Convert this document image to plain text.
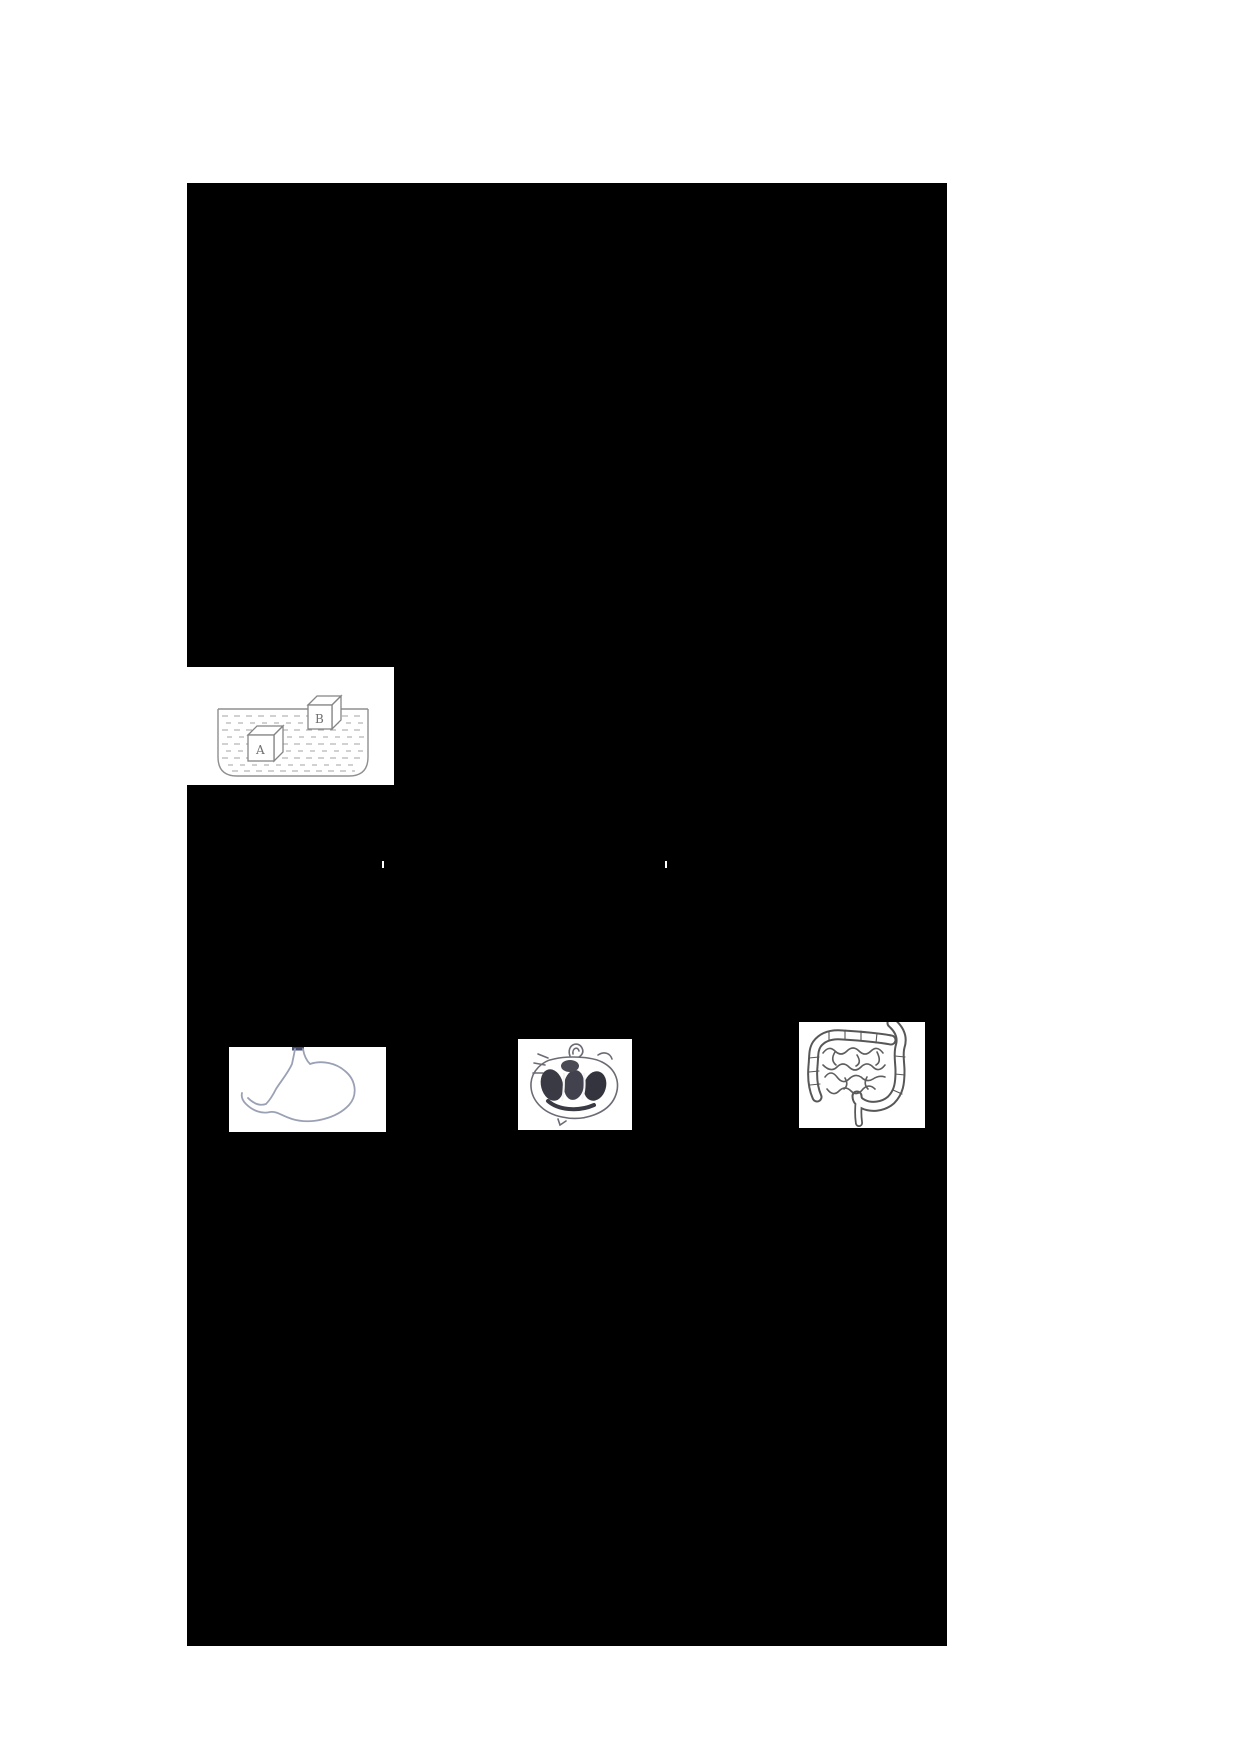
A
B
